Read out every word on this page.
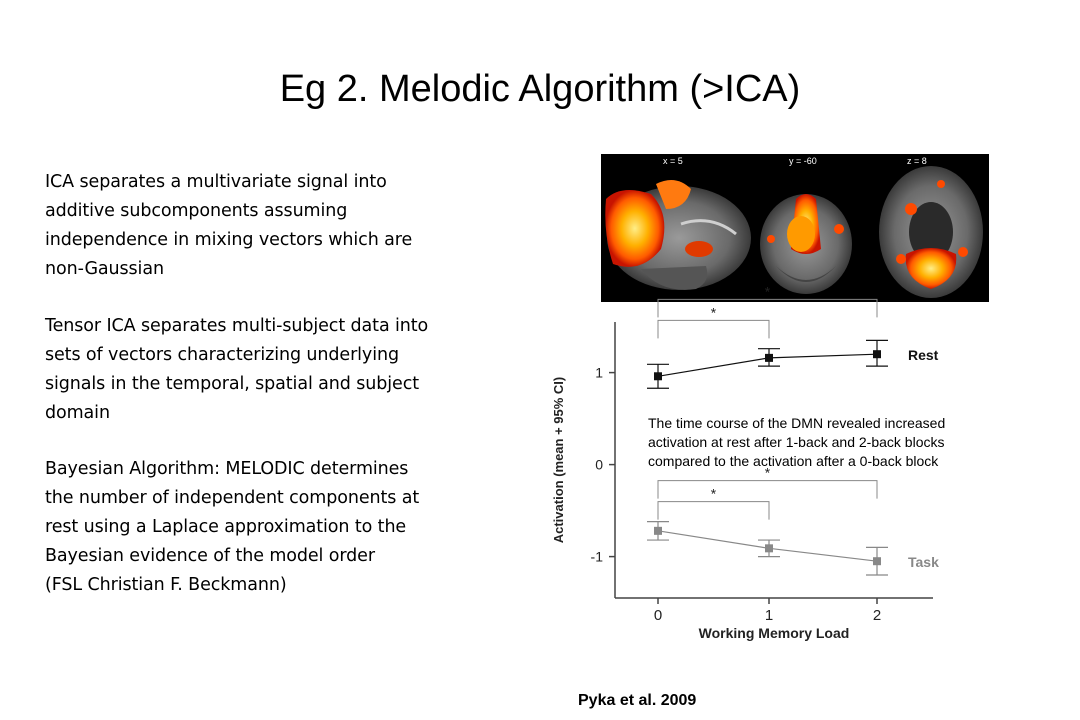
Eg 2. Melodic Algorithm (>ICA)
ICA separates a multivariate signal into
additive subcomponents assuming
independence in mixing vectors which are
non-Gaussian
Tensor ICA separates multi-subject data into
sets of vectors characterizing underlying
signals in the temporal, spatial and subject
domain
Bayesian Algorithm: MELODIC determines
the number of independent components at
rest using a Laplace approximation to the
Bayesian evidence of the model order
(FSL Christian F. Beckmann)
x = 5	y = -60	z = 8
Activation (mean + 95% CI)
Working Memory Load
1
0
-1
0	1	2
Rest
Task
*
*
*
*
The time course of the DMN revealed increased
activation at rest after 1-back and 2-back blocks
compared to the activation after a 0-back block
Pyka et al. 2009
